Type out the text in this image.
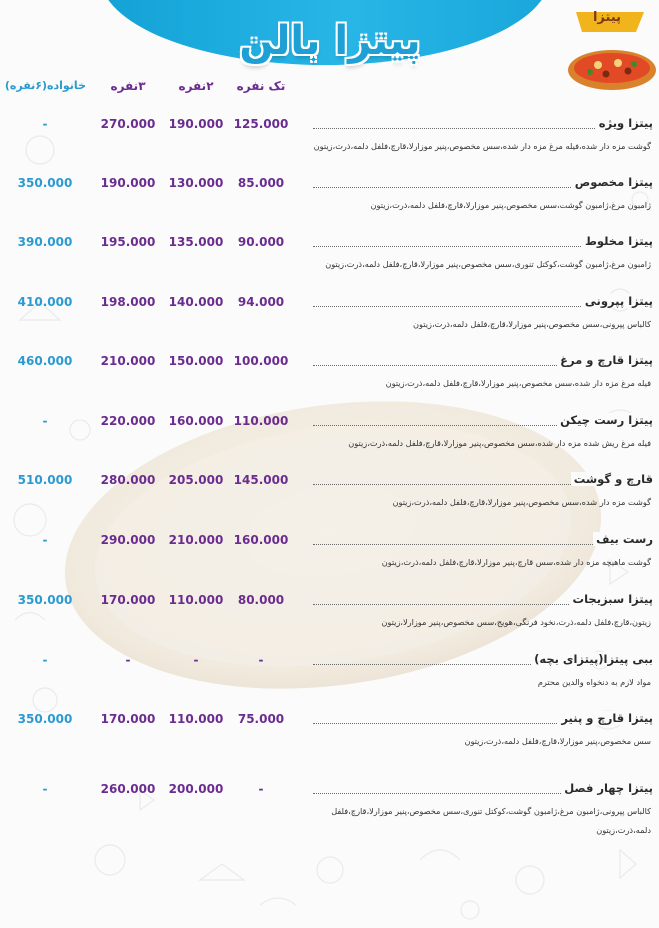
پیتزا بالن
پیتزا
تک نفره
۲نفره
۳نفره
خانواده(۶نفره)
پیتزا ویژه
گوشت مزه دار شده،فیله مرغ مزه دار شده،سس مخصوص،پنیر موزارلا،قارچ،فلفل دلمه،ذرت،زیتون
125.000
190.000
270.000
-
پیتزا مخصوص
ژامبون مرغ،ژامبون گوشت،سس مخصوص،پنیر موزارلا،قارچ،فلفل دلمه،ذرت،زیتون
85.000
130.000
190.000
350.000
پیتزا مخلوط
ژامبون مرغ،ژامبون گوشت،کوکتل تنوری،سس مخصوص،پنیر موزارلا،قارچ،فلفل دلمه،ذرت،زیتون
90.000
135.000
195.000
390.000
پیتزا پپرونی
کالباس پپرونی،سس مخصوص،پنیر موزارلا،قارچ،فلفل دلمه،ذرت،زیتون
94.000
140.000
198.000
410.000
پیتزا قارچ و مرغ
فیله مرغ مزه دار شده،سس مخصوص،پنیر موزارلا،قارچ،فلفل دلمه،ذرت،زیتون
100.000
150.000
210.000
460.000
پیتزا رست چیکن
فیله مرغ ریش شده مزه دار شده،سس مخصوص،پنیر موزارلا،قارچ،فلفل دلمه،ذرت،زیتون
110.000
160.000
220.000
-
قارچ و گوشت
گوشت مزه دار شده،سس مخصوص،پنیر موزارلا،قارچ،فلفل دلمه،ذرت،زیتون
145.000
205.000
280.000
510.000
رست بیف
گوشت ماهیچه مزه دار شده،سس قارچ،پنیر موزارلا،قارچ،فلفل دلمه،ذرت،زیتون
160.000
210.000
290.000
-
پیتزا سبزیجات
زیتون،قارچ،فلفل دلمه،ذرت،نخود فرنگی،هویج،سس مخصوص،پنیر موزارلا،زیتون
80.000
110.000
170.000
350.000
ببی پیتزا(پیتزای بچه)
مواد لازم به دنخواه والدین محترم
-
-
-
-
پیتزا قارچ و پنیر
سس مخصوص،پنیر موزارلا،قارچ،فلفل دلمه،ذرت،زیتون
75.000
110.000
170.000
350.000
پیتزا چهار فصل
کالباس پپرونی،ژامبون مرغ،ژامبون گوشت،کوکتل تنوری،سس مخصوص،پنیر موزارلا،قارچ،فلفل دلمه،ذرت،زیتون
-
200.000
260.000
-
